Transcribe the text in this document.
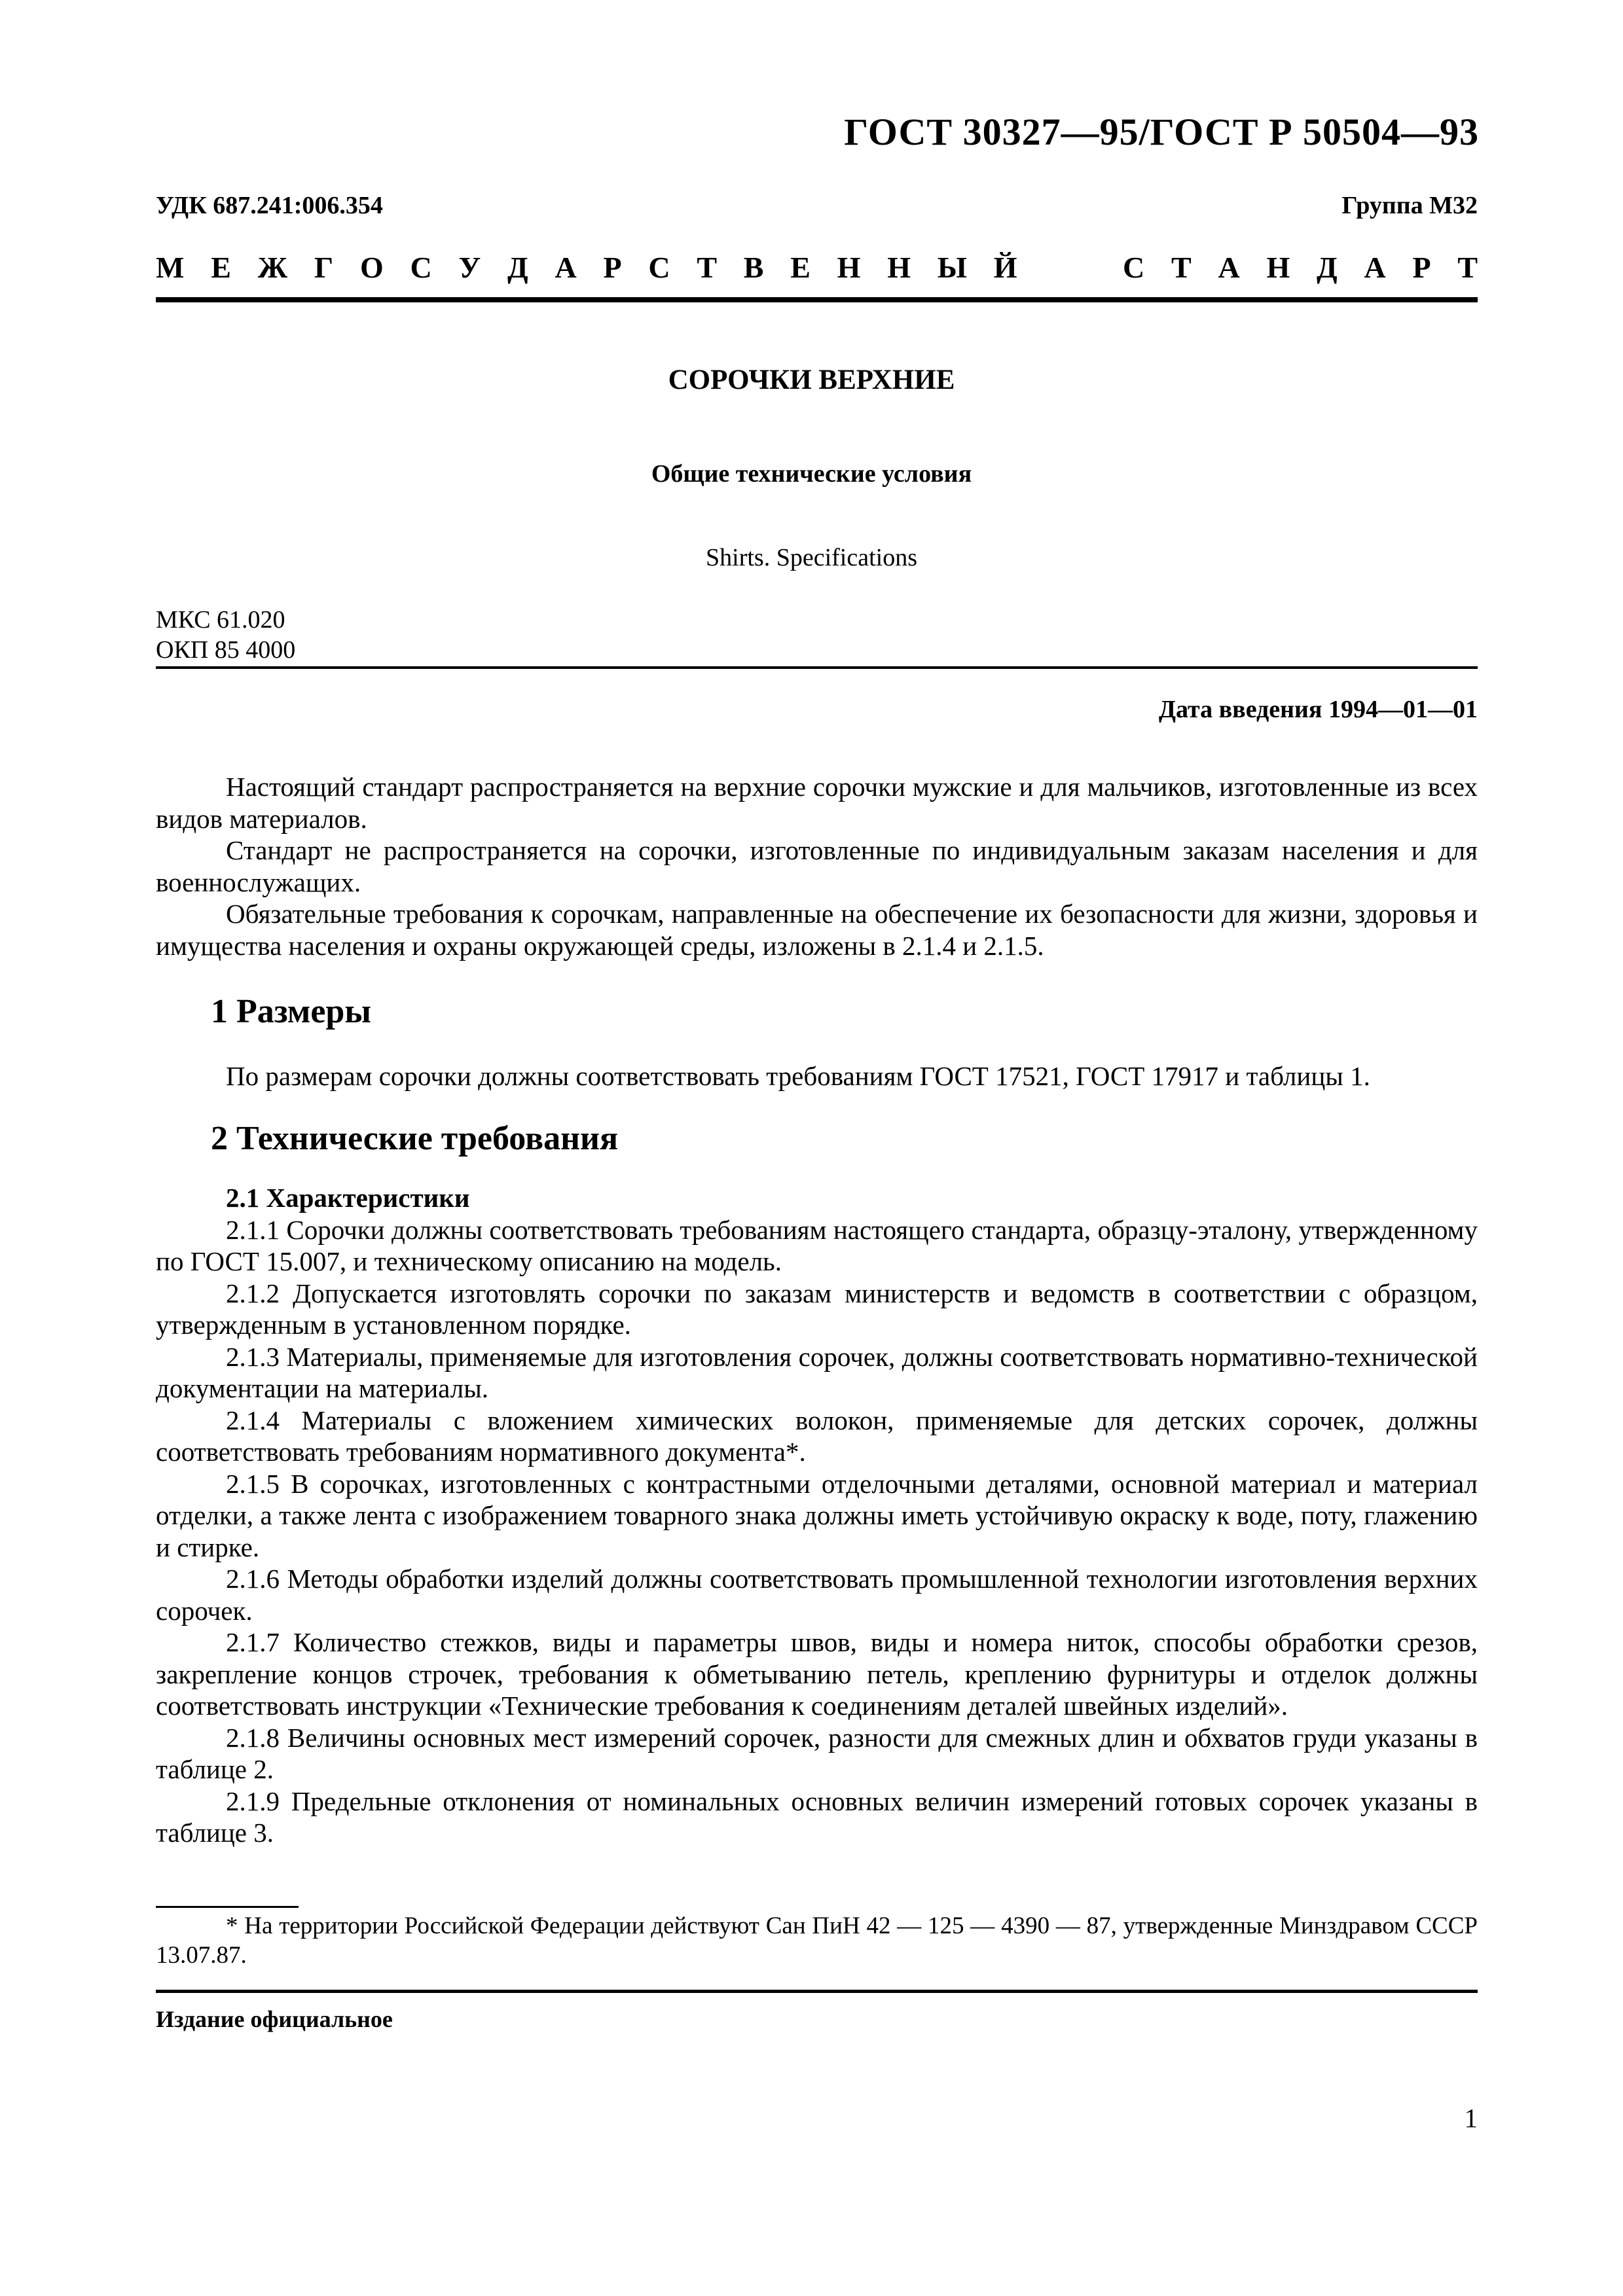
ГОСТ 30327—95/ГОСТ Р 50504—93
УДК 687.241:006.354	Группа М32
М Е Ж Г О С У Д А Р С Т В Е Н Н Ы Й	С Т А Н Д А Р Т
СОРОЧКИ ВЕРХНИЕ
Общие технические условия
Shirts. Specifications
МКС 61.020
ОКП 85 4000
Дата введения 1994—01—01

Настоящий стандарт распространяется на верхние сорочки мужские и для мальчиков, изготовленные из всех видов материалов.

Стандарт не распространяется на сорочки, изготовленные по индивидуальным заказам населения и для военнослужащих.

Обязательные требования к сорочкам, направленные на обеспечение их безопасности для жизни, здоровья и имущества населения и охраны окружающей среды, изложены в 2.1.4 и 2.1.5.

1 Размеры

По размерам сорочки должны соответствовать требованиям ГОСТ 17521, ГОСТ 17917 и таблицы 1.

2 Технические требования

2.1 Характеристики

2.1.1 Сорочки должны соответствовать требованиям настоящего стандарта, образцу-эталону, утвержденному по ГОСТ 15.007, и техническому описанию на модель.

2.1.2 Допускается изготовлять сорочки по заказам министерств и ведомств в соответствии с образцом, утвержденным в установленном порядке.

2.1.3 Материалы, применяемые для изготовления сорочек, должны соответствовать нормативно-технической документации на материалы.

2.1.4 Материалы с вложением химических волокон, применяемые для детских сорочек, должны соответствовать требованиям нормативного документа*.

2.1.5 В сорочках, изготовленных с контрастными отделочными деталями, основной материал и материал отделки, а также лента с изображением товарного знака должны иметь устойчивую окраску к воде, поту, глажению и стирке.

2.1.6 Методы обработки изделий должны соответствовать промышленной технологии изготовления верхних сорочек.

2.1.7 Количество стежков, виды и параметры швов, виды и номера ниток, способы обработки срезов, закрепление концов строчек, требования к обметыванию петель, креплению фурнитуры и отделок должны соответствовать инструкции «Технические требования к соединениям деталей швейных изделий».

2.1.8 Величины основных мест измерений сорочек, разности для смежных длин и обхватов груди указаны в таблице 2.

2.1.9 Предельные отклонения от номинальных основных величин измерений готовых сорочек указаны в таблице 3.

* На территории Российской Федерации действуют Сан ПиН 42 — 125 — 4390 — 87, утвержденные Минздравом СССР 13.07.87.

Издание официальное
1
